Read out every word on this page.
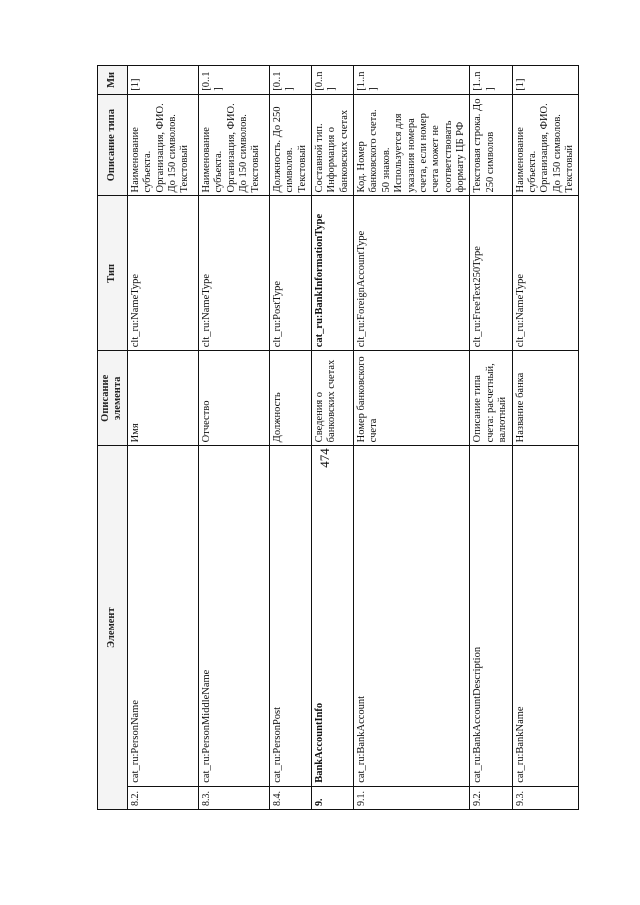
474
Элемент		Описание элемента	Тип	Описание типа	Ми
8.2.	cat_ru:PersonName	Имя	clt_ru:NameType	Наименование субъекта. Организация, ФИО. До 150 символов. Текстовый	[1]
8.3.	cat_ru:PersonMiddleName	Отчество	clt_ru:NameType	Наименование субъекта. Организация, ФИО. До 150 символов. Текстовый	[0..1]
8.4.	cat_ru:PersonPost	Должность	clt_ru:PostType	Должность. До 250 символов. Текстовый	[0..1]
9.	BankAccountInfo	Сведения о банковских счетах	cat_ru:BankInformationType	Составной тип. Информация о банковских счетах	[0..n]
9.1.	cat_ru:BankAccount	Номер банковского счета	clt_ru:ForeignAccountType	Код. Номер банковского счета. 50 знаков. Используется для указания номера счета, если номер счета может не соответствовать формату ЦБ РФ	[1..n]
9.2.	cat_ru:BankAccountDescription	Описание типа счета: расчетный, валютный	clt_ru:FreeText250Type	Текстовая строка. До 250 символов	[1..n]
9.3.	cat_ru:BankName	Название банка	clt_ru:NameType	Наименование субъекта. Организация, ФИО. До 150 символов. Текстовый	[1]
